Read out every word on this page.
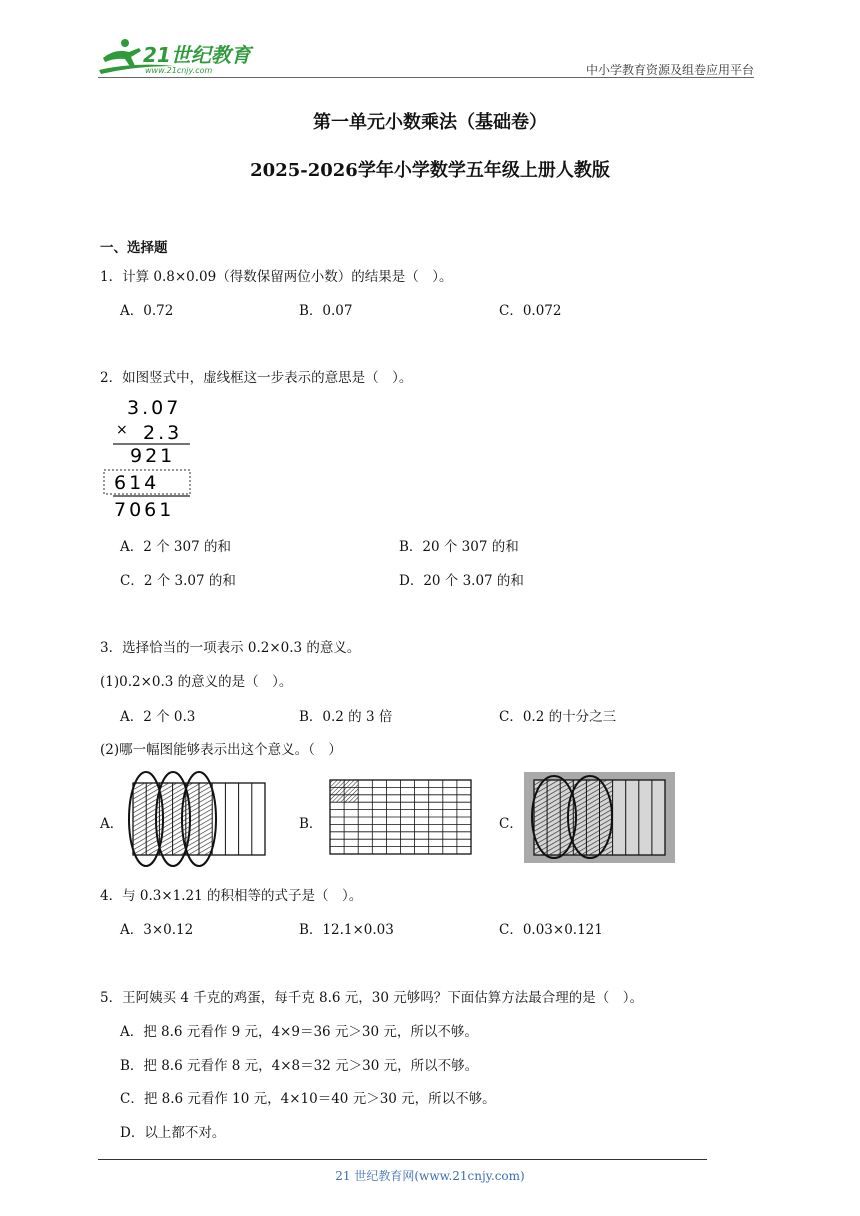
21世纪教育
www.21cnjy.com	中小学教育资源及组卷应用平台
第一单元小数乘法（基础卷）
2025-2026学年小学数学五年级上册人教版
一、选择题
1．计算 0.8×0.09（得数保留两位小数）的结果是（　）。
A．0.72	B．0.07	C．0.072
2．如图竖式中，虚线框这一步表示的意思是（　）。
3.07
× 2.3
921
614
7061
A．2 个 307 的和	B．20 个 307 的和
C．2 个 3.07 的和	D．20 个 3.07 的和
3．选择恰当的一项表示 0.2×0.3 的意义。
(1)0.2×0.3 的意义的是（　）。
A．2 个 0.3	B．0.2 的 3 倍	C．0.2 的十分之三
(2)哪一幅图能够表示出这个意义。（　）
A．	B．	C．
4．与 0.3×1.21 的积相等的式子是（　）。
A．3×0.12	B．12.1×0.03	C．0.03×0.121
5．王阿姨买 4 千克的鸡蛋，每千克 8.6 元，30 元够吗？下面估算方法最合理的是（　）。
A．把 8.6 元看作 9 元，4×9＝36 元＞30 元，所以不够。
B．把 8.6 元看作 8 元，4×8＝32 元＞30 元，所以不够。
C．把 8.6 元看作 10 元，4×10＝40 元＞30 元，所以不够。
D．以上都不对。
21 世纪教育网(www.21cnjy.com)
